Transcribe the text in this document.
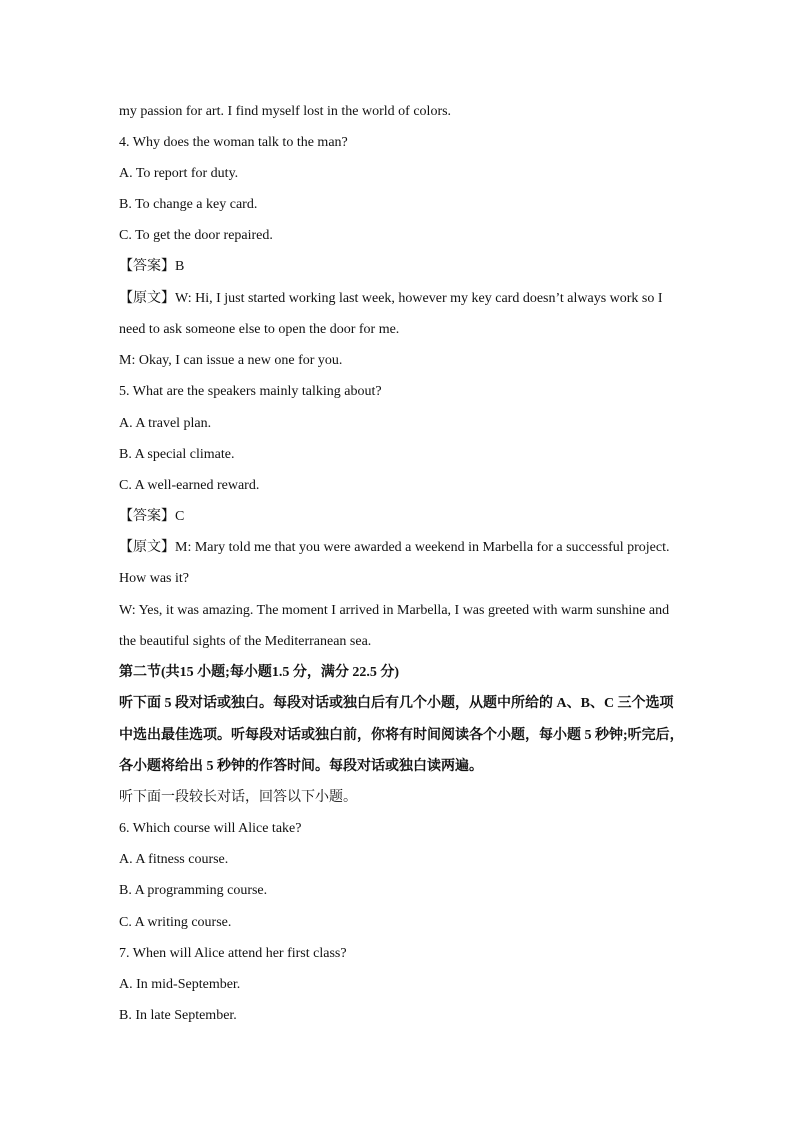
my passion for art. I find myself lost in the world of colors.
4. Why does the woman talk to the man?
A. To report for duty.
B. To change a key card.
C. To get the door repaired.
【答案】B
【原文】W: Hi, I just started working last week, however my key card doesn’t always work so I
need to ask someone else to open the door for me.
M: Okay, I can issue a new one for you.
5. What are the speakers mainly talking about?
A. A travel plan.
B. A special climate.
C. A well-earned reward.
【答案】C
【原文】M: Mary told me that you were awarded a weekend in Marbella for a successful project.
How was it?
W: Yes, it was amazing. The moment I arrived in Marbella, I was greeted with warm sunshine and
the beautiful sights of the Mediterranean sea.
第二节(共15 小题;每小题1.5 分，满分 22.5 分)
听下面 5 段对话或独白。每段对话或独白后有几个小题，从题中所给的 A、B、C 三个选项
中选出最佳选项。听每段对话或独白前，你将有时间阅读各个小题，每小题 5 秒钟;听完后，
各小题将给出 5 秒钟的作答时间。每段对话或独白读两遍。
听下面一段较长对话，回答以下小题。
6. Which course will Alice take?
A. A fitness course.
B. A programming course.
C. A writing course.
7. When will Alice attend her first class?
A. In mid-September.
B. In late September.
